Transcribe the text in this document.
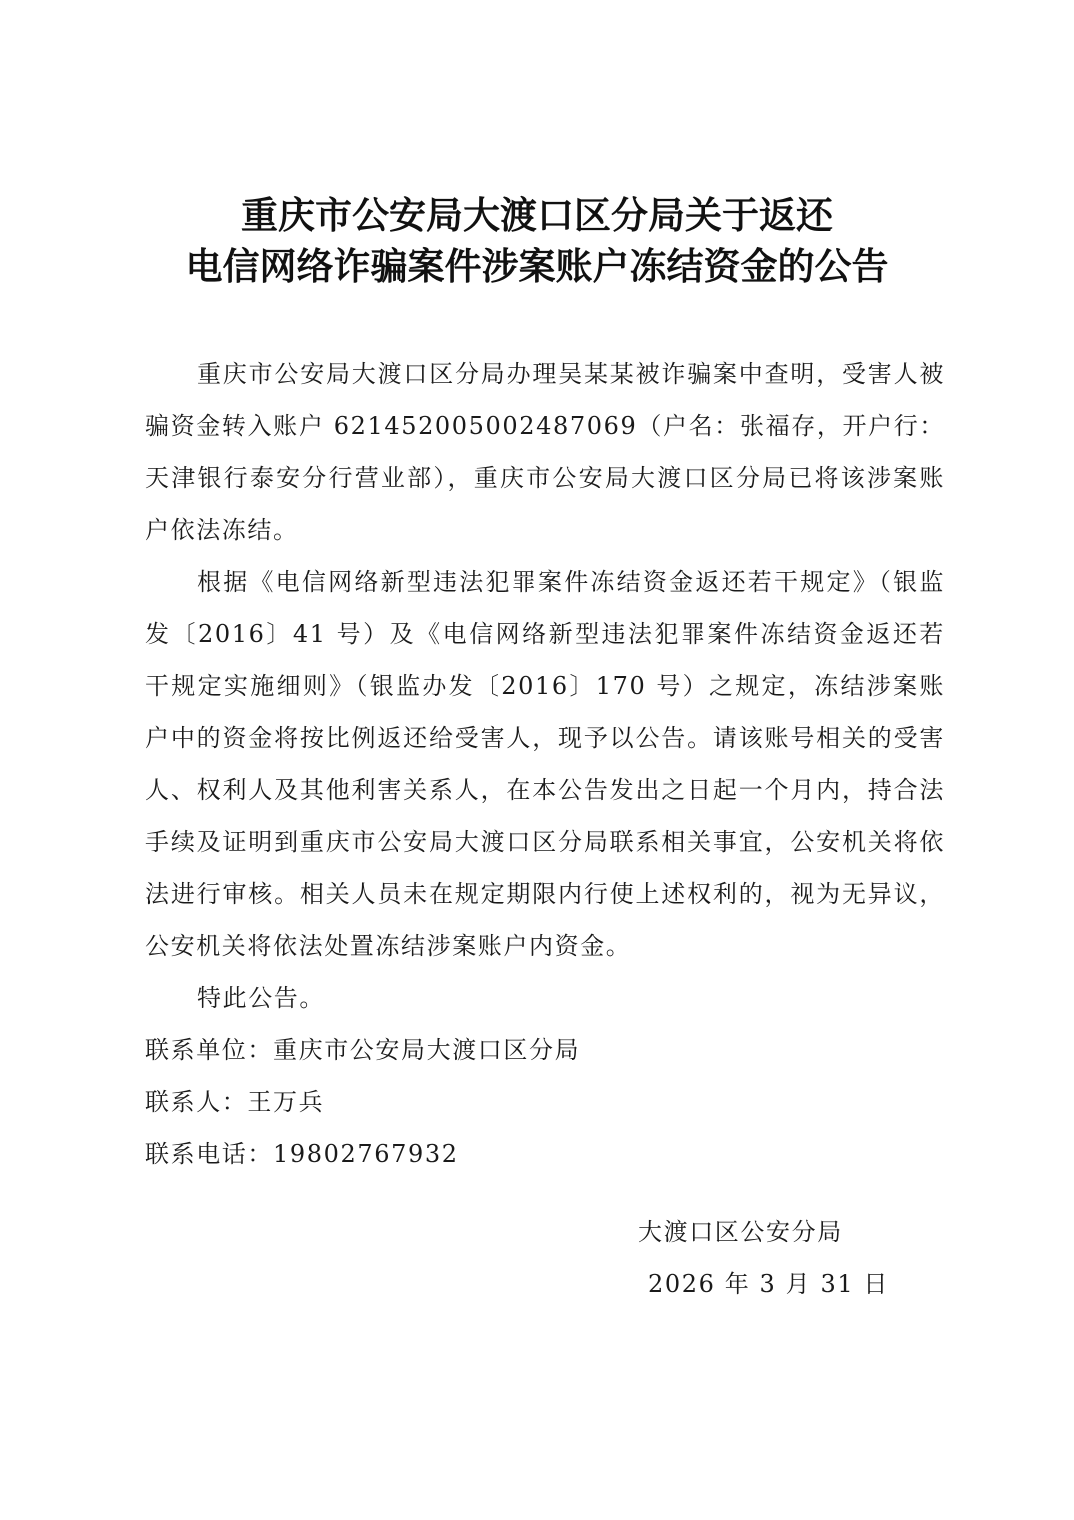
重庆市公安局大渡口区分局关于返还
电信网络诈骗案件涉案账户冻结资金的公告

重庆市公安局大渡口区分局办理吴某某被诈骗案中查明，受害人被骗资金转入账户 6214520050024870​69（户名：张福存，开户行：天津银行泰安分行营业部），重庆市公安局大渡口区分局已将该涉案账户依法冻结。

根据《电信网络新型违法犯罪案件冻结资金返还若干规定》（银监发〔2016〕41 号）及《电信网络新型违法犯罪案件冻结资金返还若干规定实施细则》（银监办发〔2016〕170 号）之规定，冻结涉案账户中的资金将按比例返还给受害人，现予以公告。请该账号相关的受害人、权利人及其他利害关系人，在本公告发出之日起一个月内，持合法手续及证明到重庆市公安局大渡口区分局联系相关事宜，公安机关将依法进行审核。相关人员未在规定期限内行使上述权利的，视为无异议，公安机关将依法处置冻结涉案账户内资金。

特此公告。

联系单位：重庆市公安局大渡口区分局

联系人：王万兵

联系电话：19802767932

大渡口区公安分局
2026 年 3 月 31 日
